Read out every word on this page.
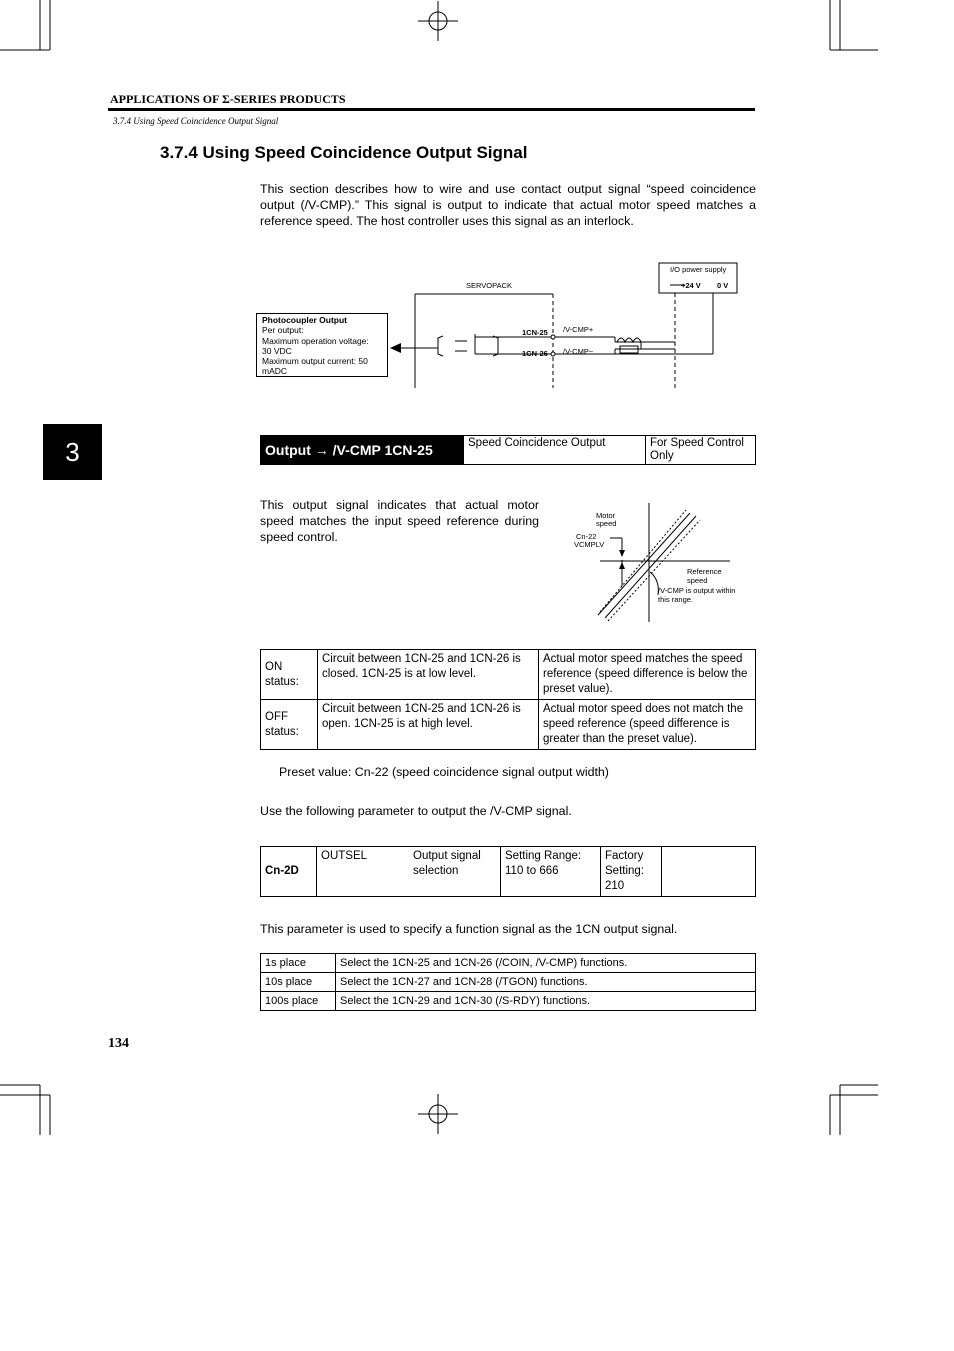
APPLICATIONS OF Σ-SERIES PRODUCTS
3.7.4 Using Speed Coincidence Output Signal
3.7.4 Using Speed Coincidence Output Signal
This section describes how to wire and use contact output signal “speed coincidence output (/V-CMP).” This signal is output to indicate that actual motor speed matches a reference speed. The host controller uses this signal as an interlock.
SERVOPACK
I/O power supply
+24 V 0 V
1CN-25
1CN-26
/V-CMP+
/V-CMP−
Photocoupler Output
Per output:
Maximum operation voltage:
30 VDC
Maximum output current: 50
mADC
3	Output → /V-CMP 1CN-25	Speed Coincidence Output	For Speed Control Only
This output signal indicates that actual motor speed matches the input speed reference during speed control.
Motor
speed
Cn-22
VCMPLV
Reference
speed
/V-CMP is output within
this range.
ON status:	Circuit between 1CN-25 and 1CN-26 is closed. 1CN-25 is at low level.	Actual motor speed matches the speed reference (speed difference is below the preset value).
OFF status:	Circuit between 1CN-25 and 1CN-26 is open. 1CN-25 is at high level.	Actual motor speed does not match the speed reference (speed difference is greater than the preset value).
Preset value: Cn-22 (speed coincidence signal output width)
Use the following parameter to output the /V-CMP signal.
Cn-2D	OUTSEL	Output signal selection	Setting Range: 110 to 666	Factory Setting: 210	
This parameter is used to specify a function signal as the 1CN output signal.
1s place	Select the 1CN-25 and 1CN-26 (/COIN, /V-CMP) functions.
10s place	Select the 1CN-27 and 1CN-28 (/TGON) functions.
100s place	Select the 1CN-29 and 1CN-30 (/S-RDY) functions.
134
